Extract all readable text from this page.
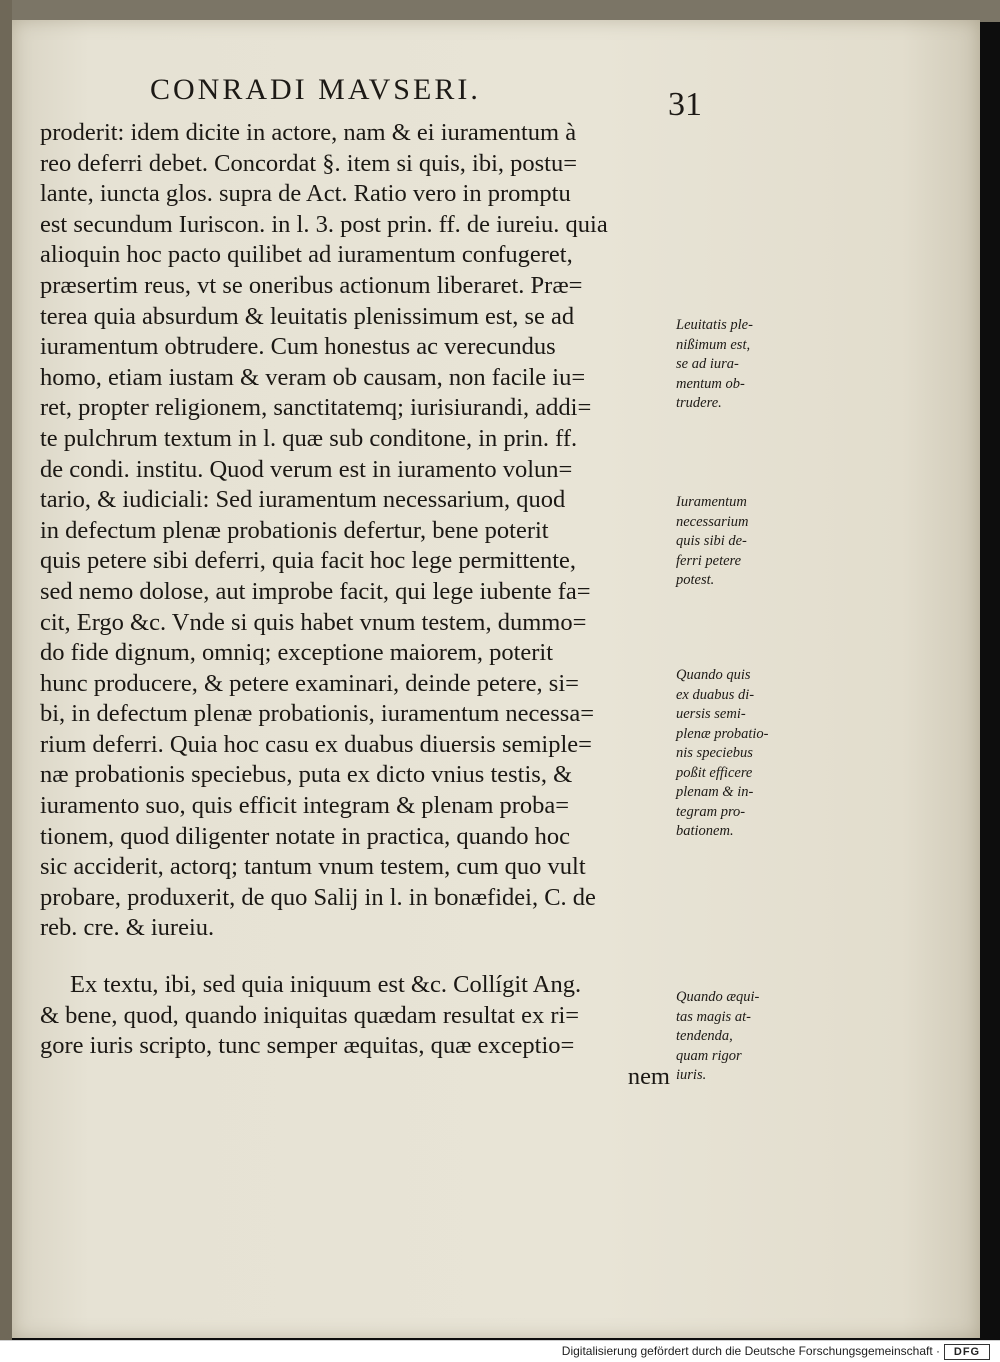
CONRADI MAVSERI.	31
proderit: idem dicite in actore, nam & ei iuramentum à
reo deferri debet. Concordat §. item si quis, ibi, postu=
lante, iuncta glos. supra de Act. Ratio vero in promptu
est secundum Iuriscon. in l. 3. post prin. ff. de iureiu. quia
alioquin hoc pacto quilibet ad iuramentum confugeret,
præsertim reus, vt se oneribus actionum liberaret. Præ=
terea quia absurdum & leuitatis plenissimum est, se ad
iuramentum obtrudere. Cum honestus ac verecundus
homo, etiam iustam & veram ob causam, non facile iu=
ret, propter religionem, sanctitatemq; iurisiurandi, addi=
te pulchrum textum in l. quæ sub conditone, in prin. ff.
de condi. institu. Quod verum est in iuramento volun=
tario, & iudiciali: Sed iuramentum necessarium, quod
in defectum plenæ probationis defertur, bene poterit
quis petere sibi deferri, quia facit hoc lege permittente,
sed nemo dolose, aut improbe facit, qui lege iubente fa=
cit, Ergo &c. Vnde si quis habet vnum testem, dummo=
do fide dignum, omniq; exceptione maiorem, poterit
hunc producere, & petere examinari, deinde petere, si=
bi, in defectum plenæ probationis, iuramentum necessa=
rium deferri. Quia hoc casu ex duabus diuersis semiple=
næ probationis speciebus, puta ex dicto vnius testis, &
iuramento suo, quis efficit integram & plenam proba=
tionem, quod diligenter notate in practica, quando hoc
sic acciderit, actorq; tantum vnum testem, cum quo vult
probare, produxerit, de quo Salij in l. in bonæfidei, C. de
reb. cre. & iureiu.
Ex textu, ibi, sed quia iniquum est &c. Collígit Ang.
& bene, quod, quando iniquitas quædam resultat ex ri=
gore iuris scripto, tunc semper æquitas, quæ exceptio=
nem
Leuitatis ple-
nißimum est,
se ad iura-
mentum ob-
trudere.
Iuramentum
necessarium
quis sibi de-
ferri petere
potest.
Quando quis
ex duabus di-
uersis semi-
plenæ probatio-
nis speciebus
poßit efficere
plenam & in-
tegram pro-
bationem.
Quando æqui-
tas magis at-
tendenda,
quam rigor
iuris.
Digitalisierung gefördert durch die Deutsche Forschungsgemeinschaft ·	DFG
